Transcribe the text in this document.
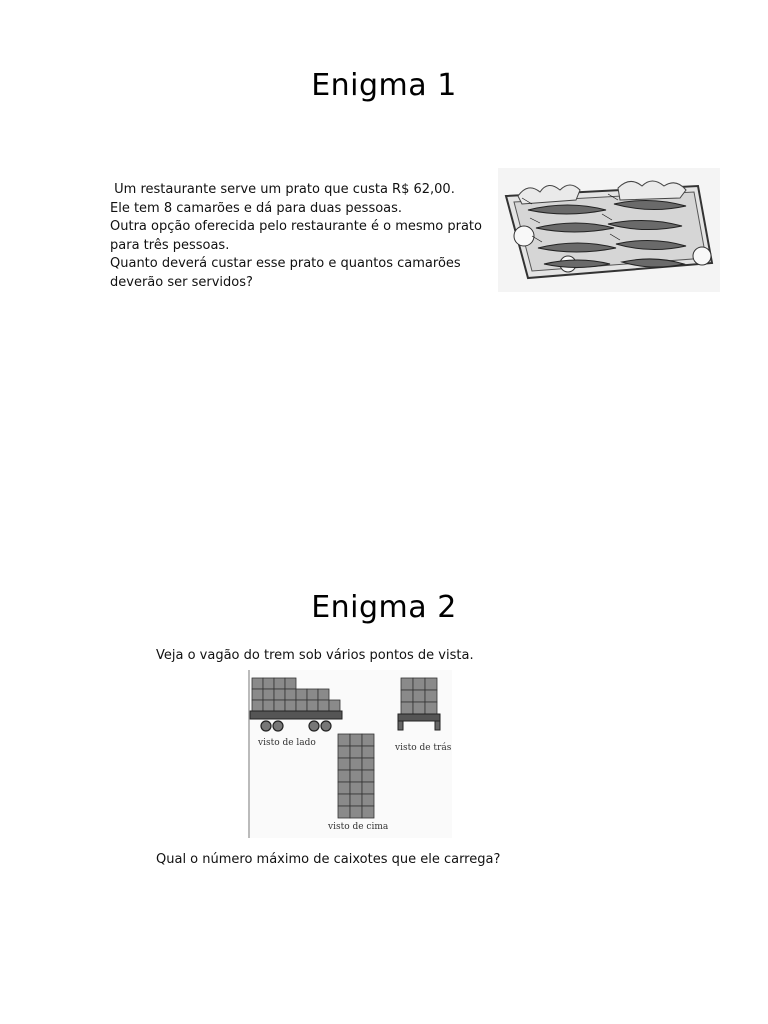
Enigma 1
Um restaurante serve um prato que custa R$ 62,00.
Ele tem 8 camarões e dá para duas pessoas.
Outra opção oferecida pelo restaurante é o mesmo prato
para três pessoas.
Quanto deverá custar esse prato e quantos camarões
deverão ser servidos?
Enigma 2
Veja o vagão do trem sob vários pontos de vista.
visto de lado	visto de trás
visto de cima
Qual o número máximo de caixotes que ele carrega?
